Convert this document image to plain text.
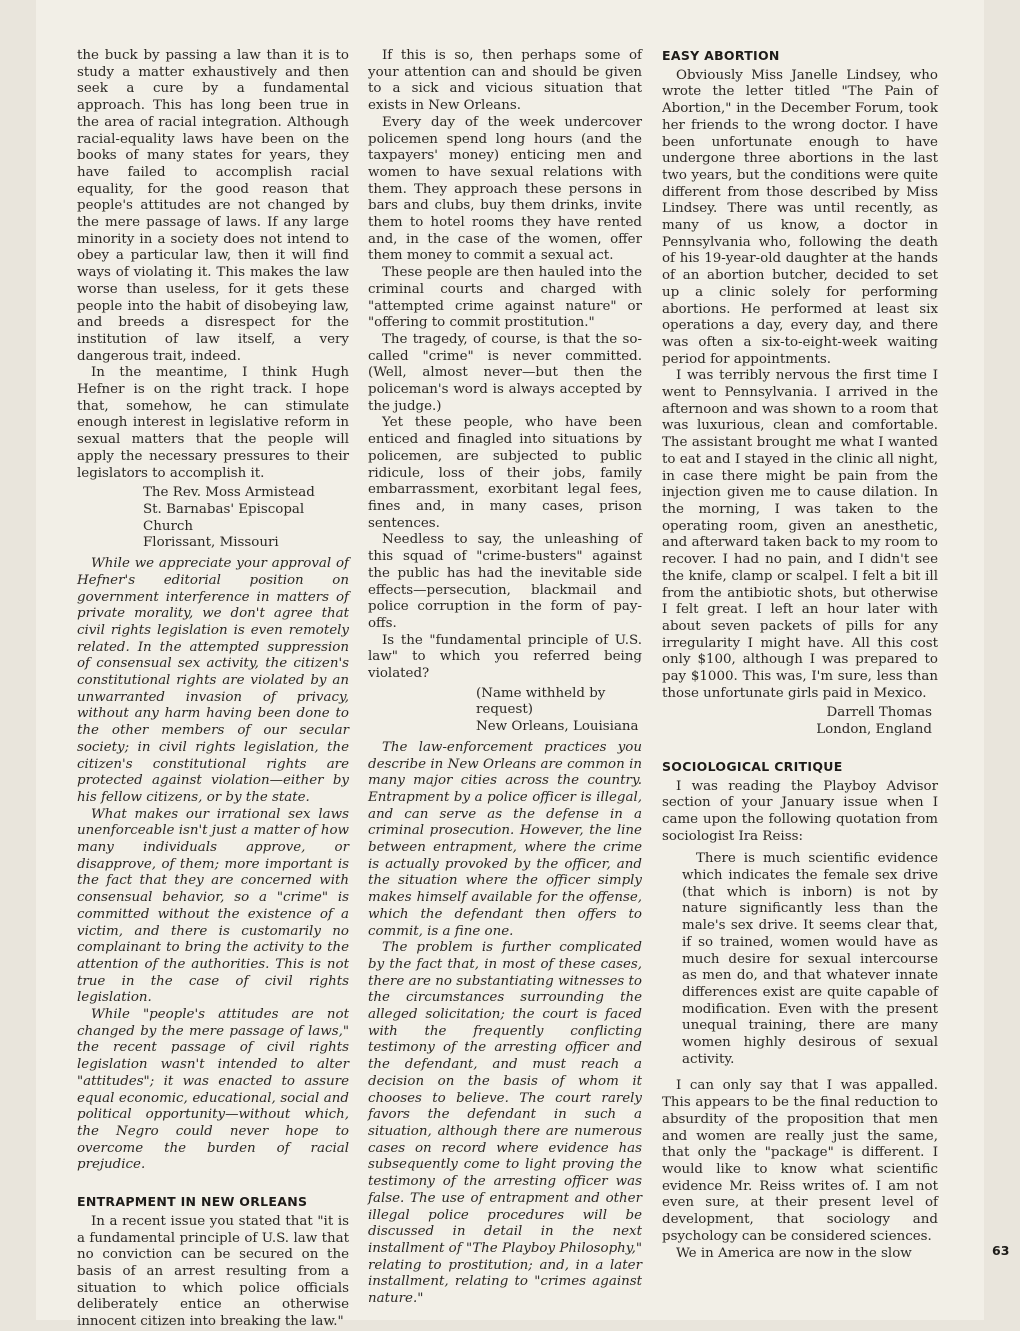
the buck by passing a law than it is to study a matter exhaustively and then seek a cure by a fundamental approach. This has long been true in the area of racial integration. Although racial-equality laws have been on the books of many states for years, they have failed to accomplish racial equality, for the good reason that people's attitudes are not changed by the mere passage of laws. If any large minority in a society does not intend to obey a particular law, then it will find ways of violating it. This makes the law worse than useless, for it gets these people into the habit of disobeying law, and breeds a disrespect for the institution of law itself, a very dangerous trait, indeed.

In the meantime, I think Hugh Hefner is on the right track. I hope that, somehow, he can stimulate enough interest in legislative reform in sexual matters that the people will apply the necessary pressures to their legislators to accomplish it.

The Rev. Moss Armistead
St. Barnabas' Episcopal Church
Florissant, Missouri

While we appreciate your approval of Hefner's editorial position on government interference in matters of private morality, we don't agree that civil rights legislation is even remotely related. In the attempted suppression of consensual sex activity, the citizen's constitutional rights are violated by an unwarranted invasion of privacy, without any harm having been done to the other members of our secular society; in civil rights legislation, the citizen's constitutional rights are protected against violation—either by his fellow citizens, or by the state.

What makes our irrational sex laws unenforceable isn't just a matter of how many individuals approve, or disapprove, of them; more important is the fact that they are concerned with consensual behavior, so a "crime" is committed without the existence of a victim, and there is customarily no complainant to bring the activity to the attention of the authorities. This is not true in the case of civil rights legislation.

While "people's attitudes are not changed by the mere passage of laws," the recent passage of civil rights legislation wasn't intended to alter "attitudes"; it was enacted to assure equal economic, educational, social and political opportunity—without which, the Negro could never hope to overcome the burden of racial prejudice.

ENTRAPMENT IN NEW ORLEANS

In a recent issue you stated that "it is a fundamental principle of U.S. law that no conviction can be secured on the basis of an arrest resulting from a situation to which police officials deliberately entice an otherwise innocent citizen into breaking the law."

If this is so, then perhaps some of your attention can and should be given to a sick and vicious situation that exists in New Orleans.

Every day of the week undercover policemen spend long hours (and the taxpayers' money) enticing men and women to have sexual relations with them. They approach these persons in bars and clubs, buy them drinks, invite them to hotel rooms they have rented and, in the case of the women, offer them money to commit a sexual act.

These people are then hauled into the criminal courts and charged with "attempted crime against nature" or "offering to commit prostitution."

The tragedy, of course, is that the so-called "crime" is never committed. (Well, almost never—but then the policeman's word is always accepted by the judge.)

Yet these people, who have been enticed and finagled into situations by policemen, are subjected to public ridicule, loss of their jobs, family embarrassment, exorbitant legal fees, fines and, in many cases, prison sentences.

Needless to say, the unleashing of this squad of "crime-busters" against the public has had the inevitable side effects—persecution, blackmail and police corruption in the form of pay-offs.

Is the "fundamental principle of U.S. law" to which you referred being violated?

(Name withheld by request)
New Orleans, Louisiana

The law-enforcement practices you describe in New Orleans are common in many major cities across the country. Entrapment by a police officer is illegal, and can serve as the defense in a criminal prosecution. However, the line between entrapment, where the crime is actually provoked by the officer, and the situation where the officer simply makes himself available for the offense, which the defendant then offers to commit, is a fine one.

The problem is further complicated by the fact that, in most of these cases, there are no substantiating witnesses to the circumstances surrounding the alleged solicitation; the court is faced with the frequently conflicting testimony of the arresting officer and the defendant, and must reach a decision on the basis of whom it chooses to believe. The court rarely favors the defendant in such a situation, although there are numerous cases on record where evidence has subsequently come to light proving the testimony of the arresting officer was false. The use of entrapment and other illegal police procedures will be discussed in detail in the next installment of "The Playboy Philosophy," relating to prostitution; and, in a later installment, relating to "crimes against nature."

EASY ABORTION

Obviously Miss Janelle Lindsey, who wrote the letter titled "The Pain of Abortion," in the December Forum, took her friends to the wrong doctor. I have been unfortunate enough to have undergone three abortions in the last two years, but the conditions were quite different from those described by Miss Lindsey. There was until recently, as many of us know, a doctor in Pennsylvania who, following the death of his 19-year-old daughter at the hands of an abortion butcher, decided to set up a clinic solely for performing abortions. He performed at least six operations a day, every day, and there was often a six-to-eight-week waiting period for appointments.

I was terribly nervous the first time I went to Pennsylvania. I arrived in the afternoon and was shown to a room that was luxurious, clean and comfortable. The assistant brought me what I wanted to eat and I stayed in the clinic all night, in case there might be pain from the injection given me to cause dilation. In the morning, I was taken to the operating room, given an anesthetic, and afterward taken back to my room to recover. I had no pain, and I didn't see the knife, clamp or scalpel. I felt a bit ill from the antibiotic shots, but otherwise I felt great. I left an hour later with about seven packets of pills for any irregularity I might have. All this cost only $100, although I was prepared to pay $1000. This was, I'm sure, less than those unfortunate girls paid in Mexico.

Darrell Thomas
London, England
SOCIOLOGICAL CRITIQUE

I was reading the Playboy Advisor section of your January issue when I came upon the following quotation from sociologist Ira Reiss:

There is much scientific evidence which indicates the female sex drive (that which is inborn) is not by nature significantly less than the male's sex drive. It seems clear that, if so trained, women would have as much desire for sexual intercourse as men do, and that whatever innate differences exist are quite capable of modification. Even with the present unequal training, there are many women highly desirous of sexual activity.

I can only say that I was appalled. This appears to be the final reduction to absurdity of the proposition that men and women are really just the same, that only the "package" is different. I would like to know what scientific evidence Mr. Reiss writes of. I am not even sure, at their present level of development, that sociology and psychology can be considered sciences.

We in America are now in the slow	63
